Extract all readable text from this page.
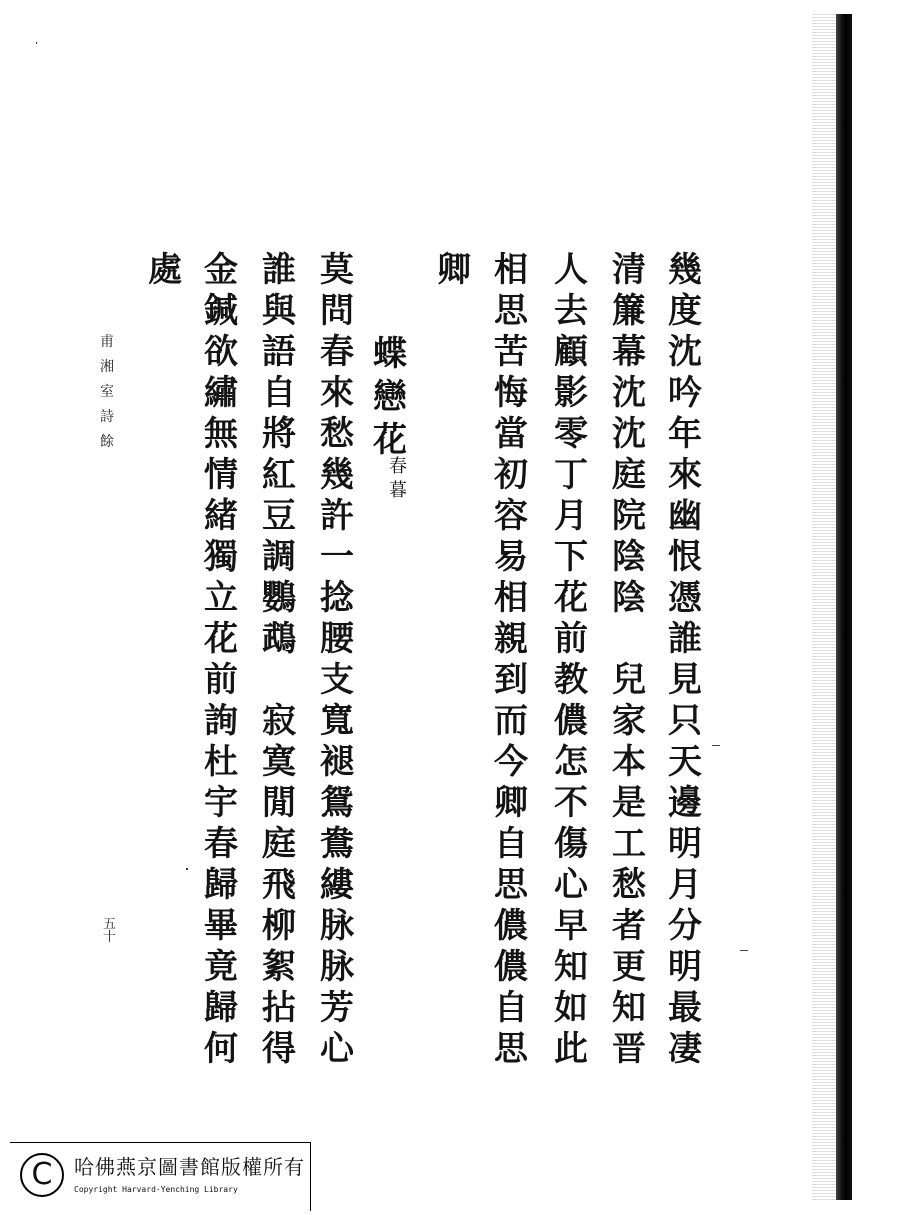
幾
度
沈
吟
年
來
幽
恨
憑
誰
見
只
天
邊
明
月
分
明
最
凄
清
簾
幕
沈
沈
庭
院
陰
陰
兒
家
本
是
工
愁
者
更
知
晋
人
去
顧
影
零
丁
月
下
花
前
教
儂
怎
不
傷
心
早
知
如
此
相
思
苦
悔
當
初
容
易
相
親
到
而
今
卿
自
思
儂
儂
自
思
卿
蝶
戀
花
春
暮
莫
問
春
來
愁
幾
許
一
捻
腰
支
寬
褪
鴛
鴦
縷
脉
脉
芳
心
誰
與
語
自
將
紅
豆
調
鸚
鵡
寂
寞
閒
庭
飛
柳
絮
拈
得
金
鍼
欲
繡
無
情
緒
獨
立
花
前
詢
杜
宇
春
歸
畢
竟
歸
何
處
甫
湘
室
詩
餘
五
十
C	哈佛燕京圖書館版權所有
Copyright Harvard-Yenching Library
